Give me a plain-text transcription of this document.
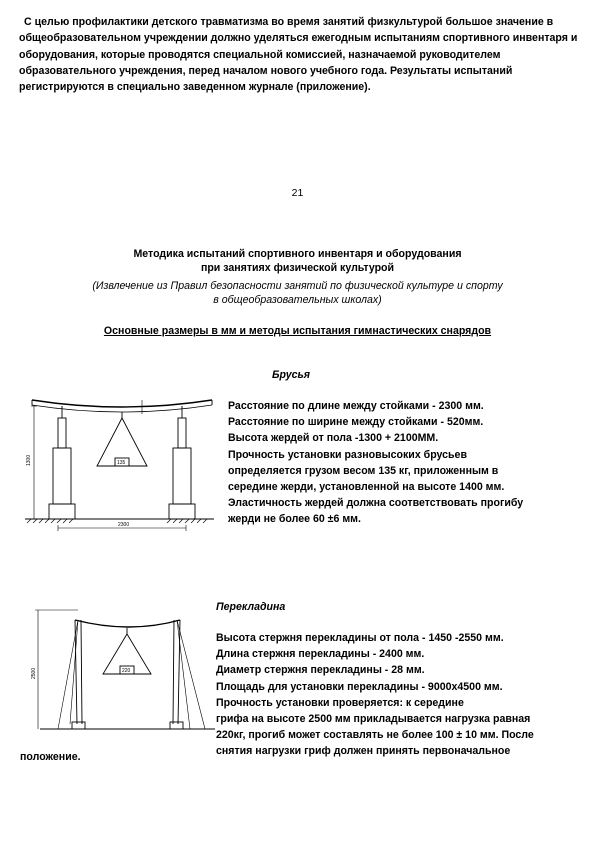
С целью профилактики детского травматизма во время занятий физкультурой большое значение в общеобразовательном учреждении должно уделяться ежегодным испытаниям спортивного инвентаря и оборудования, которые проводятся специальной комиссией, назначаемой руководителем образовательного учреждения, перед началом нового учебного года. Результаты испытаний регистрируются в специально заведенном журнале (приложение).
21
Методика испытаний спортивного инвентаря и оборудования
при занятиях физической культурой
(Извлечение из Правил безопасности занятий по физической культуре и спорту
в общеобразовательных школах)
Основные размеры в мм и методы испытания гимнастических снарядов
Брусья
1300
2300
135
Расстояние по длине между стойками - 2300 мм.
Расстояние по ширине между стойками - 520мм.
Высота жердей от пола -1300 + 2100ММ.
Прочность установки разновысоких брусьев
определяется грузом весом 135 кг, приложенным в
середине жерди, установленной на высоте 1400 мм.
Эластичность жердей должна соответствовать прогибу
жерди не более 60 ±6 мм.
Перекладина
2500	220
Высота стержня перекладины от пола - 1450 -2550 мм.
Длина стержня перекладины - 2400 мм.
Диаметр стержня перекладины - 28 мм.
Площадь для установки перекладины - 9000х4500 мм.
Прочность установки проверяется: к середине
грифа на высоте 2500 мм прикладывается нагрузка равная
220кг, прогиб может составлять не более 100 ± 10 мм. После
снятия нагрузки гриф должен принять первоначальное
положение.
